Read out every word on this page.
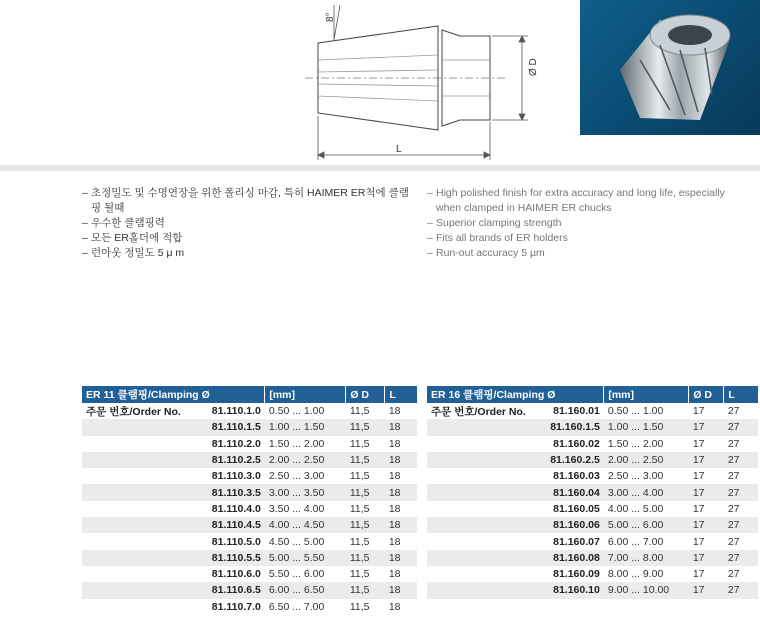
8°
Ø D
L
– 초정밀도 및 수명연장을 위한 폴리싱 마감, 특히 HAIMER ER척에 클램핑 될때
– 우수한 클램핑력
– 모든 ER홀더에 적합
– 런아웃 정밀도 5 μ m
– High polished finish for extra accuracy and long life, especially when clamped in HAIMER ER chucks
– Superior clamping strength
– Fits all brands of ER holders
– Run-out accuracy 5 µm
ER 11 클램핑/Clamping Ø		[mm]	Ø D	L
주문 번호/Order No.	81.110.1.0	0.50 ... 1.00	11,5	18
	81.110.1.5	1.00 ... 1.50	11,5	18
	81.110.2.0	1.50 ... 2.00	11,5	18
	81.110.2.5	2.00 ... 2.50	11,5	18
	81.110.3.0	2.50 ... 3.00	11,5	18
	81.110.3.5	3.00 ... 3.50	11,5	18
	81.110.4.0	3.50 ... 4.00	11,5	18
	81.110.4.5	4.00 ... 4.50	11,5	18
	81.110.5.0	4.50 ... 5.00	11,5	18
	81.110.5.5	5.00 ... 5.50	11,5	18
	81.110.6.0	5.50 ... 6.00	11,5	18
	81.110.6.5	6.00 ... 6.50	11,5	18
	81.110.7.0	6.50 ... 7.00	11,5	18
ER 16 클램핑/Clamping Ø		[mm]	Ø D	L
주문 번호/Order No.	81.160.01	0.50 ... 1.00	17	27
	81.160.1.5	1.00 ... 1.50	17	27
	81.160.02	1.50 ... 2.00	17	27
	81.160.2.5	2.00 ... 2.50	17	27
	81.160.03	2.50 ... 3.00	17	27
	81.160.04	3.00 ... 4.00	17	27
	81.160.05	4.00 ... 5.00	17	27
	81.160.06	5.00 ... 6.00	17	27
	81.160.07	6.00 ... 7.00	17	27
	81.160.08	7.00 ... 8.00	17	27
	81.160.09	8.00 ... 9.00	17	27
	81.160.10	9.00 ... 10.00	17	27
